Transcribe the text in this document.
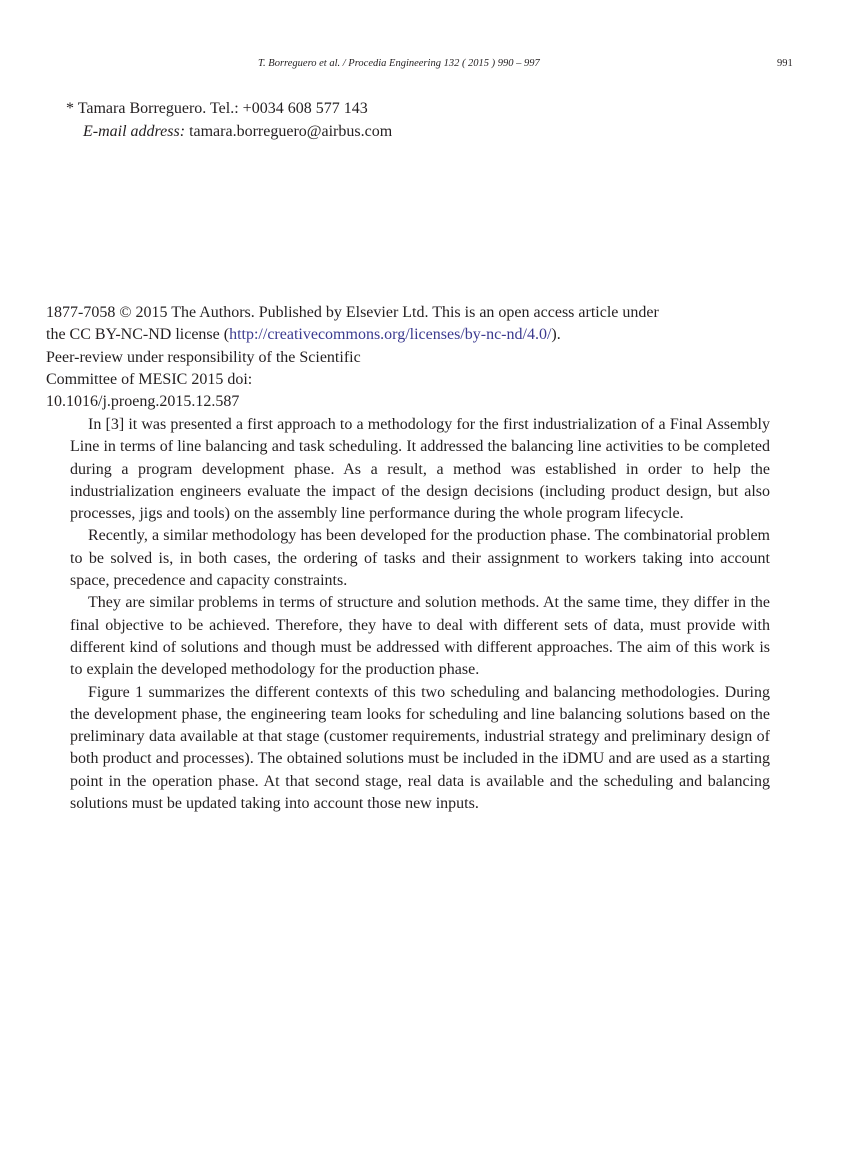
T. Borreguero et al. / Procedia Engineering 132 ( 2015 ) 990 – 997	991
* Tamara Borreguero. Tel.: +0034 608 577 143
E-mail address: tamara.borreguero@airbus.com
1877-7058 © 2015 The Authors. Published by Elsevier Ltd. This is an open access article under
the CC BY-NC-ND license (http://creativecommons.org/licenses/by-nc-nd/4.0/).
Peer-review under responsibility of the Scientific
Committee of MESIC 2015 doi:
10.1016/j.proeng.2015.12.587

In [3] it was presented a first approach to a methodology for the first industrialization of a Final Assembly Line in terms of line balancing and task scheduling. It addressed the balancing line activities to be completed during a program development phase. As a result, a method was established in order to help the industrialization engineers evaluate the impact of the design decisions (including product design, but also processes, jigs and tools) on the assembly line performance during the whole program lifecycle.

Recently, a similar methodology has been developed for the production phase. The combinatorial problem to be solved is, in both cases, the ordering of tasks and their assignment to workers taking into account space, precedence and capacity constraints.

They are similar problems in terms of structure and solution methods. At the same time, they differ in the final objective to be achieved. Therefore, they have to deal with different sets of data, must provide with different kind of solutions and though must be addressed with different approaches. The aim of this work is to explain the developed methodology for the production phase.

Figure 1 summarizes the different contexts of this two scheduling and balancing methodologies. During the development phase, the engineering team looks for scheduling and line balancing solutions based on the preliminary data available at that stage (customer requirements, industrial strategy and preliminary design of both product and processes). The obtained solutions must be included in the iDMU and are used as a starting point in the operation phase. At that second stage, real data is available and the scheduling and balancing solutions must be updated taking into account those new inputs.
